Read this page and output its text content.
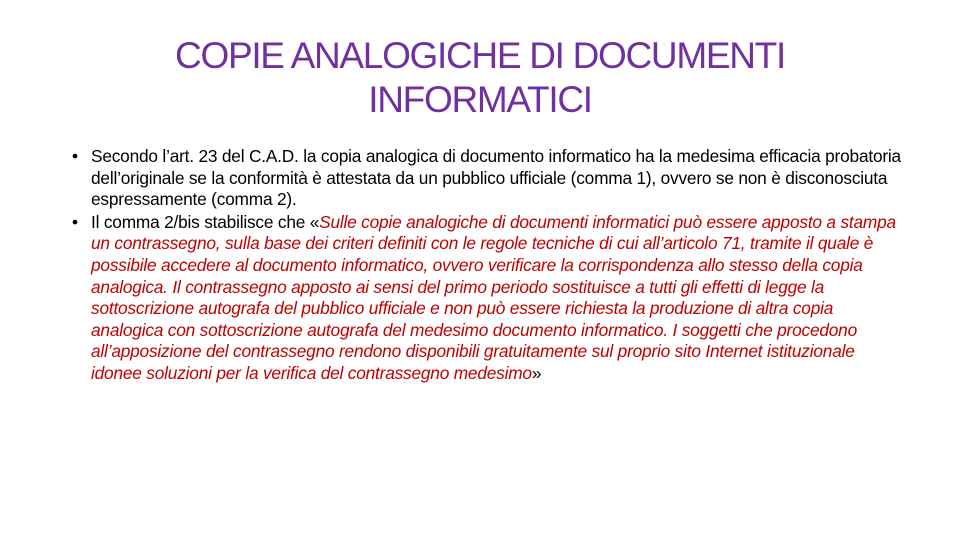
COPIE ANALOGICHE DI DOCUMENTI
INFORMATICI
• Secondo l’art. 23 del C.A.D. la copia analogica di documento informatico ha la medesima efficacia probatoria dell’originale se la conformità è attestata da un pubblico ufficiale (comma 1), ovvero se non è disconosciuta espressamente (comma 2).
• Il comma 2/bis stabilisce che «Sulle copie analogiche di documenti informatici può essere apposto a stampa un contrassegno, sulla base dei criteri definiti con le regole tecniche di cui all’articolo 71, tramite il quale è possibile accedere al documento informatico, ovvero verificare la corrispondenza allo stesso della copia analogica. Il contrassegno apposto ai sensi del primo periodo sostituisce a tutti gli effetti di legge la sottoscrizione autografa del pubblico ufficiale e non può essere richiesta la produzione di altra copia analogica con sottoscrizione autografa del medesimo documento informatico. I soggetti che procedono all’apposizione del contrassegno rendono disponibili gratuitamente sul proprio sito Internet istituzionale idonee soluzioni per la verifica del contrassegno medesimo»
